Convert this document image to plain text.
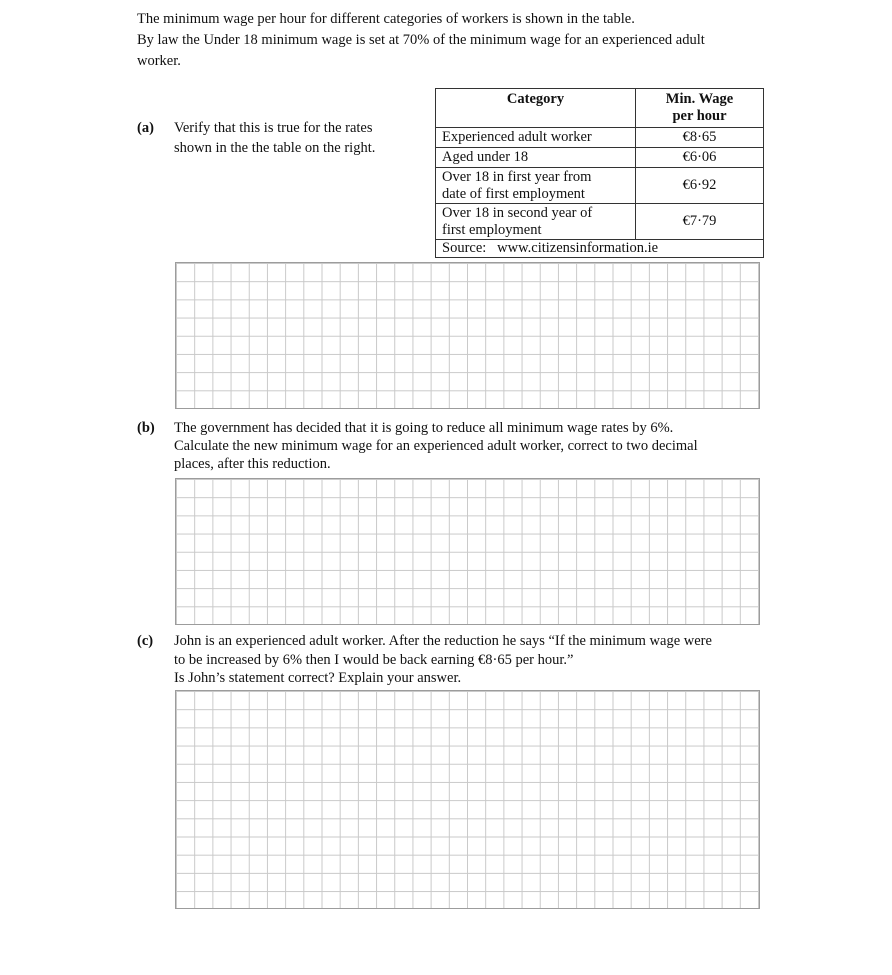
The minimum wage per hour for different categories of workers is shown in the table.
By law the Under 18 minimum wage is set at 70% of the minimum wage for an experienced adult
worker.
(a) Verify that this is true for the rates
shown in the the table on the right.
Category	Min. Wage
per hour

Experienced adult worker	€8·65
Aged under 18	€6·06

Over 18 in first year from
date of first employment	€6·92

Over 18 in second year of
first employment	€7·79
Source: www.citizensinformation.ie	
(b) The government has decided that it is going to reduce all minimum wage rates by 6%.
Calculate the new minimum wage for an experienced adult worker, correct to two decimal
places, after this reduction.
(c) John is an experienced adult worker. After the reduction he says “If the minimum wage were
to be increased by 6% then I would be back earning €8·65 per hour.”
Is John’s statement correct? Explain your answer.
